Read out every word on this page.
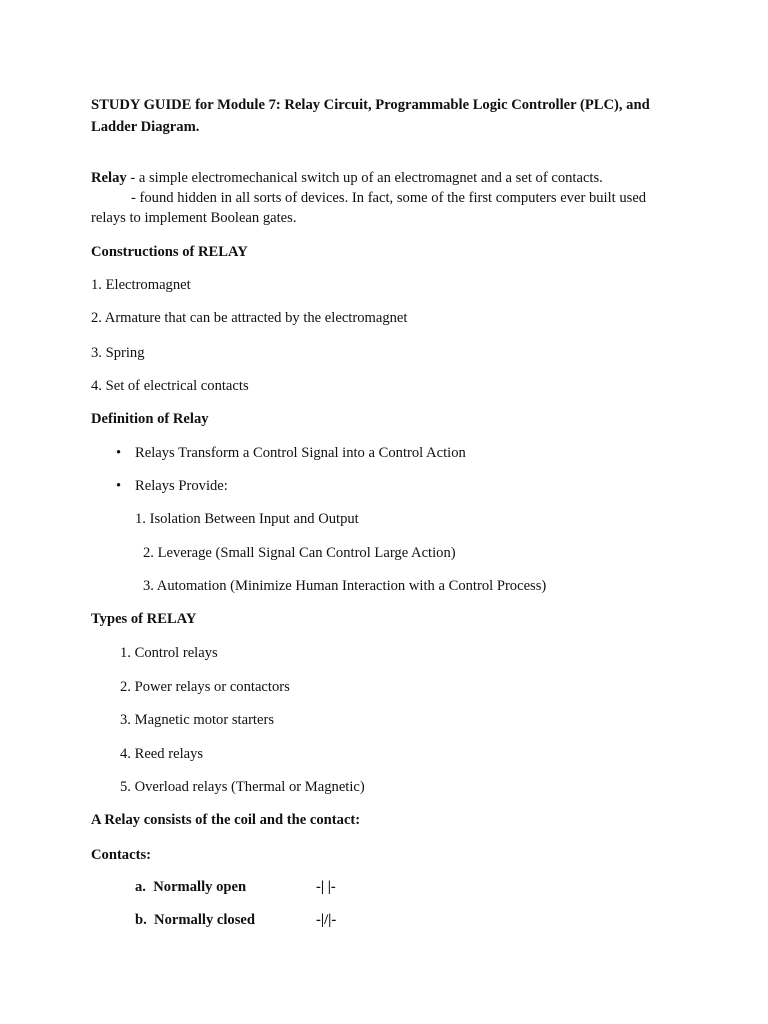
STUDY GUIDE for Module 7: Relay Circuit, Programmable Logic Controller (PLC), and
Ladder Diagram.
Relay - a simple electromechanical switch up of an electromagnet and a set of contacts.
- found hidden in all sorts of devices. In fact, some of the first computers ever built used
relays to implement Boolean gates.
Constructions of RELAY
1. Electromagnet
2. Armature that can be attracted by the electromagnet
3. Spring
4. Set of electrical contacts
Definition of Relay
• Relays Transform a Control Signal into a Control Action
• Relays Provide:
1. Isolation Between Input and Output
2. Leverage (Small Signal Can Control Large Action)
3. Automation (Minimize Human Interaction with a Control Process)
Types of RELAY
1. Control relays
2. Power relays or contactors
3. Magnetic motor starters
4. Reed relays
5. Overload relays (Thermal or Magnetic)
A Relay consists of the coil and the contact:
Contacts:
a.  Normally open	-| |-
b.  Normally closed	-|/|-
